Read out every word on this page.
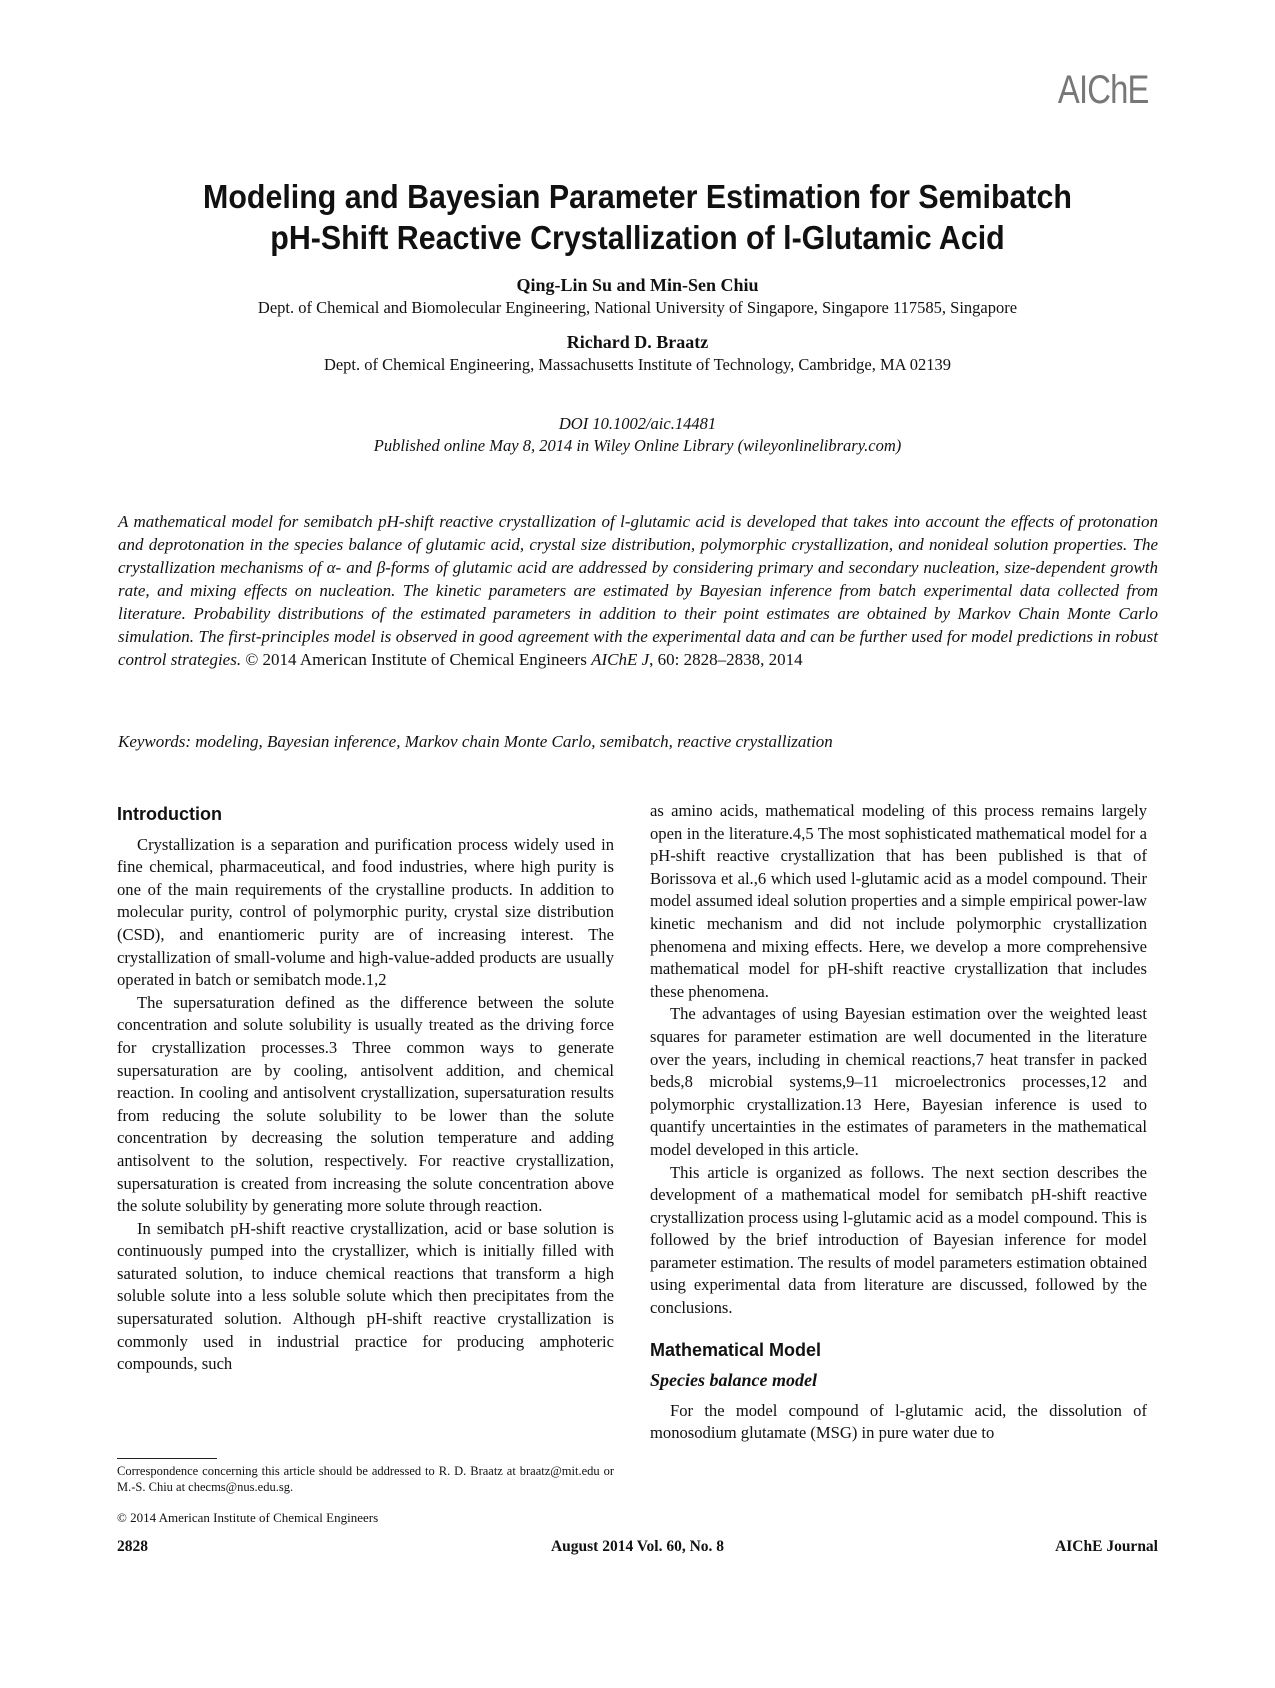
AIChE
Modeling and Bayesian Parameter Estimation for Semibatch
pH-Shift Reactive Crystallization of l-Glutamic Acid
Qing-Lin Su and Min-Sen Chiu
Dept. of Chemical and Biomolecular Engineering, National University of Singapore, Singapore 117585, Singapore
Richard D. Braatz
Dept. of Chemical Engineering, Massachusetts Institute of Technology, Cambridge, MA 02139
DOI 10.1002/aic.14481
Published online May 8, 2014 in Wiley Online Library (wileyonlinelibrary.com)
A mathematical model for semibatch pH-shift reactive crystallization of l-glutamic acid is developed that takes into account the effects of protonation and deprotonation in the species balance of glutamic acid, crystal size distribution, polymorphic crystallization, and nonideal solution properties. The crystallization mechanisms of α- and β-forms of glutamic acid are addressed by considering primary and secondary nucleation, size-dependent growth rate, and mixing effects on nucleation. The kinetic parameters are estimated by Bayesian inference from batch experimental data collected from literature. Probability distributions of the estimated parameters in addition to their point estimates are obtained by Markov Chain Monte Carlo simulation. The first-principles model is observed in good agreement with the experimental data and can be further used for model predictions in robust control strategies. © 2014 American Institute of Chemical Engineers AIChE J, 60: 2828–2838, 2014
Keywords: modeling, Bayesian inference, Markov chain Monte Carlo, semibatch, reactive crystallization
Introduction

Crystallization is a separation and purification process widely used in fine chemical, pharmaceutical, and food industries, where high purity is one of the main requirements of the crystalline products. In addition to molecular purity, control of polymorphic purity, crystal size distribution (CSD), and enantiomeric purity are of increasing interest. The crystallization of small-volume and high-value-added products are usually operated in batch or semibatch mode.1,2

The supersaturation defined as the difference between the solute concentration and solute solubility is usually treated as the driving force for crystallization processes.3 Three common ways to generate supersaturation are by cooling, antisolvent addition, and chemical reaction. In cooling and antisolvent crystallization, supersaturation results from reducing the solute solubility to be lower than the solute concentration by decreasing the solution temperature and adding antisolvent to the solution, respectively. For reactive crystallization, supersaturation is created from increasing the solute concentration above the solute solubility by generating more solute through reaction.

In semibatch pH-shift reactive crystallization, acid or base solution is continuously pumped into the crystallizer, which is initially filled with saturated solution, to induce chemical reactions that transform a high soluble solute into a less soluble solute which then precipitates from the supersaturated solution. Although pH-shift reactive crystallization is commonly used in industrial practice for producing amphoteric compounds, such

as amino acids, mathematical modeling of this process remains largely open in the literature.4,5 The most sophisticated mathematical model for a pH-shift reactive crystallization that has been published is that of Borissova et al.,6 which used l-glutamic acid as a model compound. Their model assumed ideal solution properties and a simple empirical power-law kinetic mechanism and did not include polymorphic crystallization phenomena and mixing effects. Here, we develop a more comprehensive mathematical model for pH-shift reactive crystallization that includes these phenomena.

The advantages of using Bayesian estimation over the weighted least squares for parameter estimation are well documented in the literature over the years, including in chemical reactions,7 heat transfer in packed beds,8 microbial systems,9–11 microelectronics processes,12 and polymorphic crystallization.13 Here, Bayesian inference is used to quantify uncertainties in the estimates of parameters in the mathematical model developed in this article.

This article is organized as follows. The next section describes the development of a mathematical model for semibatch pH-shift reactive crystallization process using l-glutamic acid as a model compound. This is followed by the brief introduction of Bayesian inference for model parameter estimation. The results of model parameters estimation obtained using experimental data from literature are discussed, followed by the conclusions.

Mathematical Model
Species balance model

For the model compound of l-glutamic acid, the dissolution of monosodium glutamate (MSG) in pure water due to

Correspondence concerning this article should be addressed to R. D. Braatz at braatz@mit.edu or M.-S. Chiu at checms@nus.edu.sg.
© 2014 American Institute of Chemical Engineers
2828	August 2014 Vol. 60, No. 8	AIChE Journal
